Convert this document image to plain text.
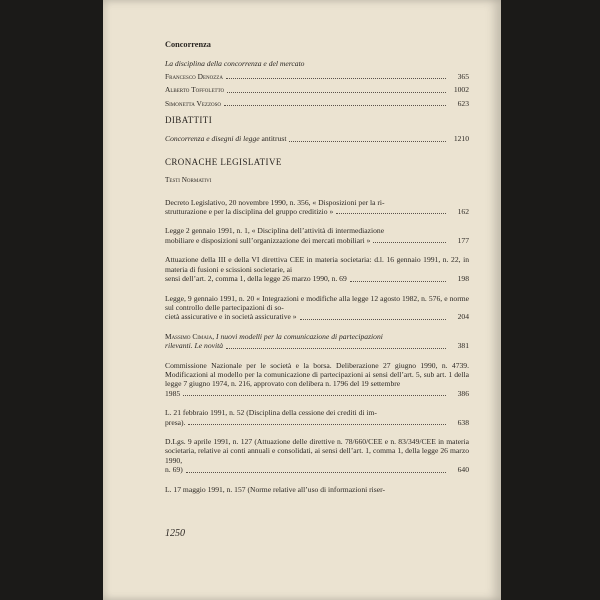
Concorrenza
La disciplina della concorrenza e del mercato
Francesco Denozza	365
Alberto Toffoletto	1002
Simonetta Vezzoso	623
DIBATTITI
Concorrenza e disegni di legge antitrust	1210
CRONACHE LEGISLATIVE
Testi Normativi
Decreto Legislativo, 20 novembre 1990, n. 356, « Disposizioni per la ri-
strutturazione e per la disciplina del gruppo creditizio »	162
Legge 2 gennaio 1991, n. 1, « Disciplina dell’attività di intermediazione
mobiliare e disposizioni sull’organizzazione dei mercati mobiliari »	177
Attuazione della III e della VI direttiva CEE in materia societaria: d.l. 16 gennaio 1991, n. 22, in materia di fusioni e scissioni societarie, ai
sensi dell’art. 2, comma 1, della legge 26 marzo 1990, n. 69	198
Legge, 9 gennaio 1991, n. 20 « Integrazioni e modifiche alla legge 12 agosto 1982, n. 576, e norme sul controllo delle partecipazioni di so-
cietà assicurative e in società assicurative »	204
Massimo Cimaia, I nuovi modelli per la comunicazione di partecipazioni
rilevanti. Le novità	381
Commissione Nazionale per le società e la borsa. Deliberazione 27 giugno 1990, n. 4739. Modificazioni al modello per la comunicazione di partecipazioni ai sensi dell’art. 5, sub art. 1 della legge 7 giugno 1974, n. 216, approvato con delibera n. 1796 del 19 settembre
1985	386
L. 21 febbraio 1991, n. 52 (Disciplina della cessione dei crediti di im-
presa).	638
D.Lgs. 9 aprile 1991, n. 127 (Attuazione delle direttive n. 78/660/CEE e n. 83/349/CEE in materia societaria, relative ai conti annuali e consolidati, ai sensi dell’art. 1, comma 1, della legge 26 marzo 1990,
n. 69)	640
L. 17 maggio 1991, n. 157 (Norme relative all’uso di informazioni riser-
1250
